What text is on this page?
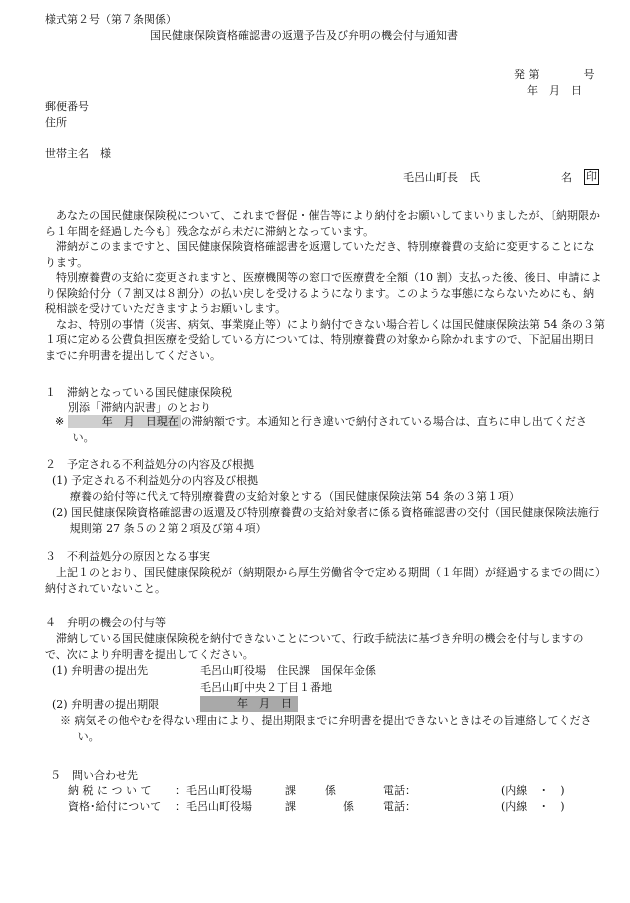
様式第２号（第７条関係）
国民健康保険資格確認書の返還予告及び弁明の機会付与通知書
発 第　　　　号
年　月　日
郵便番号
住所
世帯主名　様
毛呂山町長　氏	名 印

あなたの国民健康保険税について、これまで督促・催告等により納付をお願いしてまいりましたが、〔納期限から１年間を経過した今も〕残念ながら未だに滞納となっています。

滞納がこのままですと、国民健康保険資格確認書を返還していただき、特別療養費の支給に変更することになります。

特別療養費の支給に変更されますと、医療機関等の窓口で医療費を全額（10 割）支払った後、後日、申請により保険給付分（７割又は８割分）の払い戻しを受けるようになります。このような事態にならないためにも、納税相談を受けていただきますようお願いします。

なお、特別の事情（災害、病気、事業廃止等）により納付できない場合若しくは国民健康保険法第 54 条の３第１項に定める公費負担医療を受給している方については、特別療養費の対象から除かれますので、下記届出期日までに弁明書を提出してください。

１　滞納となっている国民健康保険税
別添「滞納内訳書」のとおり

※ 　　年　月　日現在 の滞納額です。本通知と行き違いで納付されている場合は、直ちに申し出てください。

２　予定される不利益処分の内容及び根拠
(1) 予定される不利益処分の内容及び根拠
療養の給付等に代えて特別療養費の支給対象とする（国民健康保険法第 54 条の３第１項）

(2) 国民健康保険資格確認書の返還及び特別療養費の支給対象者に係る資格確認書の交付（国民健康保険法施行規則第 27 条５の２第２項及び第４項）

３　不利益処分の原因となる事実

上記１のとおり、国民健康保険税が（納期限から厚生労働省令で定める期間（１年間）が経過するまでの間に）納付されていないこと。

４　弁明の機会の付与等

滞納している国民健康保険税を納付できないことについて、行政手続法に基づき弁明の機会を付与しますので、次により弁明書を提出してください。

(1) 弁明書の提出先	毛呂山町役場　住民課　国保年金係
毛呂山町中央２丁目１番地
(2) 弁明書の提出期限	　　　年　月　日

※ 病気その他やむを得ない理由により、提出期限までに弁明書を提出できないときはその旨連絡してください。

５　問い合わせ先
納 税 に つ い て	：毛呂山町役場	課	係	電話：	(内線　・　)
資格･給付について	：毛呂山町役場	課	係	電話：	(内線　・　)
